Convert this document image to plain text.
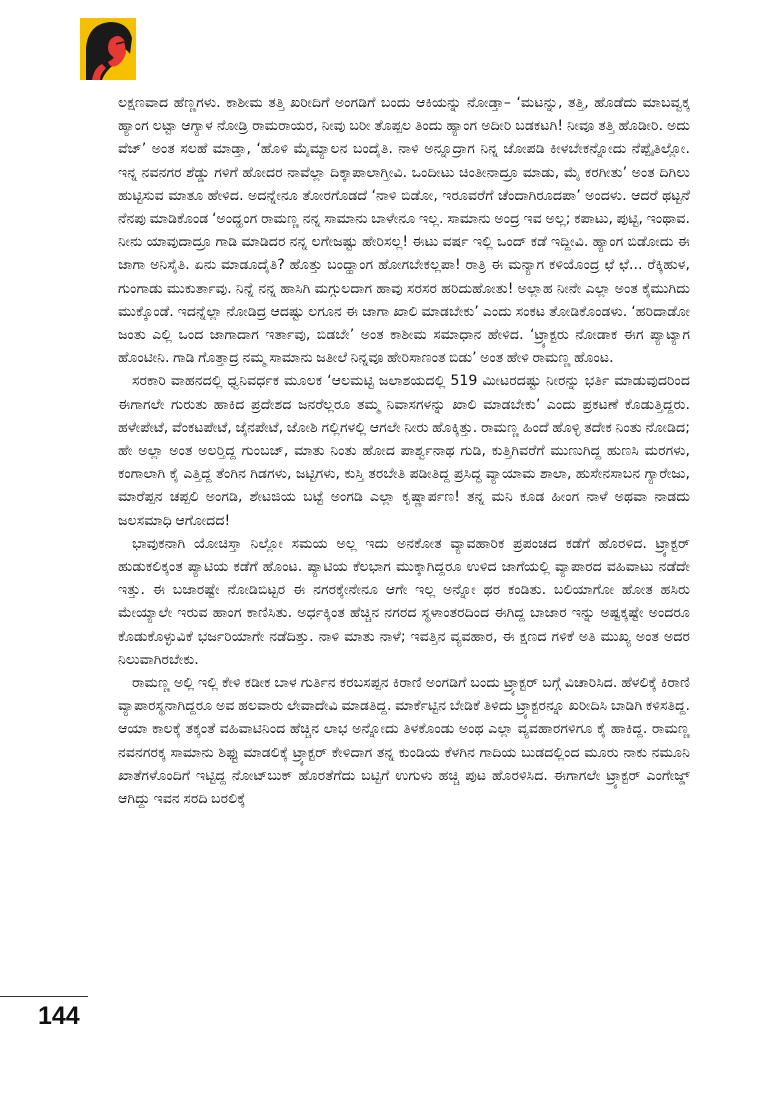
ಲಕ್ಷಣವಾದ ಹೆಣ್ಣಗಳು. ಕಾಶೀಮ ತತ್ತಿ ಖರೀದಿಗೆ ಅಂಗಡಿಗೆ ಬಂದು ಆಕಿಯನ್ನು ನೋಡ್ತಾ– ‘ಮಟನ್ನು, ತತ್ತಿ, ಹೊಡೆದು ಮಾಬವ್ವಕ್ಕ ಹ್ಯಾಂಗ ಲಟ್ಟಾ ಆಗ್ಯಾಳ ನೋಡ್ರಿ ರಾಮರಾಯರ, ನೀವು ಬರೀ ತೊಪ್ಪಲ ತಿಂದು ಹ್ಯಾಂಗ ಅದೀರಿ ಬಡಕಟಗಿ! ನೀವೂ ತತ್ತಿ ಹೊಡೀರಿ. ಅದು ವೆಜ್’ ಅಂತ ಸಲಹೆ ಮಾಡ್ತಾ, ‘ಹೊಳಿ ಮೈಮ್ಯಾಲನ ಬಂದೈತಿ. ನಾಳಿ ಅನ್ನೂದ್ರಾಗ ನಿನ್ನ ಜೋಪಡಿ ಕೀಳಬೇಕನ್ನೋದು ನೆಪ್ಪೈತಿಲ್ಲೋ. ಇನ್ನ ನವನಗರ ಶೆಡ್ಡು ಗಳಿಗೆ ಹೋದರ ನಾವೆಲ್ಲಾ ದಿಕ್ಕಾಪಾಲಾಗ್ತೀವಿ. ಒಂದೀಟು ಚಿಂತೀನಾದ್ರೂ ಮಾಡು, ಮೈ ಕರಗೀತು’ ಅಂತ ದಿಗಿಲು ಹುಟ್ಟಿಸುವ ಮಾತೂ ಹೇಳಿದ. ಅದನ್ನೇನೂ ತೋರಗೊಡದೆ ‘ನಾಳಿ ಬಿಡೋ, ಇರೂವರೆಗೆ ಚೆಂದಾಗಿರೂದಪಾ’ ಅಂದಳು. ಆದರೆ ಥಟ್ಟನೆ ನೆನಪು ಮಾಡಿಕೊಂಡ ‘ಅಂದ್ಹಂಗ ರಾಮಣ್ಣ ನನ್ನ ಸಾಮಾನು ಬಾಳೇನೂ ಇಲ್ಲ. ಸಾಮಾನು ಅಂದ್ರ ಇವ ಅಲ್ಲ; ಕಪಾಟು, ಪುಟ್ಟಿ, ಇಂಥಾವ. ನೀನು ಯಾವುದಾದ್ರೂ ಗಾಡಿ ಮಾಡಿದರ ನನ್ನ ಲಗೇಜಷ್ಟು ಹೇರಿಸಲ್ಲ! ಈಟು ವರ್ಷ ಇಲ್ಲಿ ಒಂದ್ ಕಡೆ ಇದ್ದೀವಿ. ಹ್ಯಾಂಗ ಬಿಡೋದು ಈ ಜಾಗಾ ಅನಿಸೈತಿ. ಏನು ಮಾಡೂದೈತಿ? ಹೊತ್ತು ಬಂದ್ಹಾಂಗ ಹೋಗಬೇಕಲ್ಲಪಾ! ರಾತ್ರಿ ಈ ಮನ್ಯಾಗ ಕಳಿಯೊಂದ್ರ ಛೆ ಛೆ... ರೆಕ್ಕಿಹುಳ, ಗುಂಗಾಡು ಮುಕುರ್ತಾವು. ನಿನ್ನೆ ನನ್ನ ಹಾಸಿಗಿ ಮಗ್ಗುಲದಾಗ ಹಾವು ಸರಸರ ಹರಿದುಹೋತು! ಅಲ್ಲಾಹ ನೀನೇ ಎಲ್ಲಾ ಅಂತ ಕೈಮುಗಿದು ಮುಕ್ಕೊಂಡೆ. ಇದನ್ನೆಲ್ಲಾ ನೋಡಿದ್ರ ಆದಷ್ಟು ಲಗೂನ ಈ ಜಾಗಾ ಖಾಲಿ ಮಾಡಬೇಕು’ ಎಂದು ಸಂಕಟ ತೋಡಿಕೊಂಡಳು. ‘ಹರಿದಾಡೋ ಜಂತು ಎಲ್ಲಿ ಒಂದ ಜಾಗಾದಾಗ ಇರ್ತಾವು, ಬಿಡಬೇ’ ಅಂತ ಕಾಶೀಮ ಸಮಾಧಾನ ಹೇಳಿದ. ‘ಟ್ರ್ಯಾಕ್ಟರು ನೋಡಾಕ ಈಗ ಪ್ಯಾಟ್ಯಾಗ ಹೊಂಟೀನಿ. ಗಾಡಿ ಗೊತ್ತಾದ್ರ ನಮ್ಮ ಸಾಮಾನು ಜತೀಲೆ ನಿನ್ನವೂ ಹೇರಿಸಾಣಂತ ಬಿಡು’ ಅಂತ ಹೇಳಿ ರಾಮಣ್ಣ ಹೊಂಟ.

ಸರಕಾರಿ ವಾಹನದಲ್ಲಿ ಧ್ವನಿವರ್ಧಕ ಮೂಲಕ ‘ಆಲಮಟ್ಟಿ ಜಲಾಶಯದಲ್ಲಿ 519 ಮೀಟರದಷ್ಟು ನೀರನ್ನು ಭರ್ತಿ ಮಾಡುವುದರಿಂದ ಈಗಾಗಲೇ ಗುರುತು ಹಾಕಿದ ಪ್ರದೇಶದ ಜನರೆಲ್ಲರೂ ತಮ್ಮ ನಿವಾಸಗಳನ್ನು ಖಾಲಿ ಮಾಡಬೇಕು’ ಎಂದು ಪ್ರಕಟಣೆ ಕೊಡುತ್ತಿದ್ದರು. ಹಳೇಪೇಟೆ, ವೆಂಕಟಪೇಟೆ, ಜೈನಪೇಟೆ, ಜೋಶಿ ಗಲ್ಲಿಗಳಲ್ಲಿ ಆಗಲೇ ನೀರು ಹೊಕ್ಕಿತ್ತು. ರಾಮಣ್ಣ ಹಿಂದೆ ಹೊಳ್ಳಿ ತದೇಕ ನಿಂತು ನೋಡಿದ; ಹೇ ಅಲ್ಲಾ ಅಂತ ಅಲರ್‍ತಿದ್ದ ಗುಂಬಜ್, ಮಾತು ನಿಂತು ಹೋದ ಪಾರ್ಶ್ವನಾಥ ಗುಡಿ, ಕುತ್ತಿಗಿವರೆಗೆ ಮುಣುಗಿದ್ದ ಹುಣಸಿ ಮರಗಳು, ಕಂಗಾಲಾಗಿ ಕೈ ಎತ್ತಿದ್ದ ತೆಂಗಿನ ಗಿಡಗಳು, ಜಟ್ಟಿಗಳು, ಕುಸ್ತಿ ತರಬೇತಿ ಪಡೀತಿದ್ದ ಪ್ರಸಿದ್ಧ ವ್ಯಾಯಾಮ ಶಾಲಾ, ಹುಸೇನಸಾಬನ ಗ್ಯಾರೇಜು, ಮಾರೆಪ್ಪನ ಚಪ್ಪಲಿ ಅಂಗಡಿ, ಶೇಟಜಿಯ ಬಟ್ಟೆ ಅಂಗಡಿ ಎಲ್ಲಾ ಕೃಷ್ಣಾರ್ಪಣ! ತನ್ನ ಮನಿ ಕೂಡ ಹೀಂಗ ನಾಳೆ ಅಥವಾ ನಾಡದು ಜಲಸಮಾಧಿ ಆಗೋದದ!

ಭಾವುಕನಾಗಿ ಯೋಚಿಸ್ತಾ ನಿಲ್ಲೋ ಸಮಯ ಅಲ್ಲ ಇದು ಅನಕೋತ ವ್ಯಾವಹಾರಿಕ ಪ್ರಪಂಚದ ಕಡೆಗೆ ಹೊರಳಿದ. ಟ್ರ್ಯಾಕ್ಟರ್ ಹುಡುಕಲಿಕ್ಕಂತ ಪ್ಯಾಟಿಯ ಕಡೆಗೆ ಹೊಂಟ. ಪ್ಯಾಟಿಯ ಕೆಲಭಾಗ ಮುಕ್ಕಾಗಿದ್ದರೂ ಉಳಿದ ಜಾಗೆಯಲ್ಲಿ ವ್ಯಾಪಾರದ ವಹಿವಾಟು ನಡೆದೇ ಇತ್ತು. ಈ ಬಜಾರಷ್ಟೇ ನೋಡಿಬಿಟ್ಟರ ಈ ನಗರಕ್ಕೇನೇನೂ ಆಗೇ ಇಲ್ಲ ಅನ್ನೋ ಥರ ಕಂಡಿತು. ಬಲಿಯಾಗೋ ಹೋತ ಹಸಿರು ಮೇಯ್ಯಾಲೇ ಇರುವ ಹಾಂಗ ಕಾಣಿಸಿತು. ಅರ್ಧಕ್ಕಿಂತ ಹೆಚ್ಚಿನ ನಗರದ ಸ್ಥಳಾಂತರದಿಂದ ಈಗಿದ್ದ ಬಾಜಾರ ಇನ್ನು ಅಷ್ಟಕ್ಕಷ್ಟೇ ಅಂದರೂ ಕೊಡುಕೊಳ್ಳುವಿಕೆ ಭರ್ಜರಿಯಾಗೇ ನಡೆದಿತ್ತು. ನಾಳಿ ಮಾತು ನಾಳೆ; ಇವತ್ತಿನ ವ್ಯವಹಾರ, ಈ ಕ್ಷಣದ ಗಳಿಕೆ ಅತಿ ಮುಖ್ಯ ಅಂತ ಅದರ ನಿಲುವಾಗಿರಬೇಕು.

ರಾಮಣ್ಣ ಅಲ್ಲಿ ಇಲ್ಲಿ ಕೇಳಿ ಕಡೀಕ ಬಾಳ ಗುರ್ತಿನ ಕರಬಸಪ್ಪನ ಕಿರಾಣಿ ಅಂಗಡಿಗೆ ಬಂದು ಟ್ರ್ಯಾಕ್ಟರ್ ಬಗ್ಗೆ ವಿಚಾರಿಸಿದ. ಹೆಳಲಿಕ್ಕೆ ಕಿರಾಣಿ ವ್ಯಾಪಾರಸ್ಥನಾಗಿದ್ದರೂ ಅವ ಹಲವಾರು ಲೇವಾದೇವಿ ಮಾಡತಿದ್ದ. ಮಾರ್ಕೆಟ್ಟಿನ ಬೇಡಿಕೆ ತಿಳಿದು ಟ್ರ್ಯಾಕ್ಟರನ್ನೂ ಖರೀದಿಸಿ ಬಾಡಿಗಿ ಕಳಿಸತಿದ್ದ. ಆಯಾ ಕಾಲಕ್ಕೆ ತಕ್ಕಂತೆ ವಹಿವಾಟಿನಿಂದ ಹೆಚ್ಚಿನ ಲಾಭ ಅನ್ನೋದು ತಿಳಕೊಂಡು ಅಂಥ ಎಲ್ಲಾ ವ್ಯವಹಾರಗಳಿಗೂ ಕೈ ಹಾಕಿದ್ದ. ರಾಮಣ್ಣ ನವನಗರಕ್ಕ ಸಾಮಾನು ಶಿಫ್ಟು ಮಾಡಲಿಕ್ಕೆ ಟ್ರ್ಯಾಕ್ಟರ್ ಕೇಳಿದಾಗ ತನ್ನ ಕುಂಡಿಯ ಕೆಳಗಿನ ಗಾದಿಯ ಬುಡದಲ್ಲಿಂದ ಮೂರು ನಾಕು ನಮೂನಿ ಖಾತೆಗಳೊಂದಿಗೆ ಇಟ್ಟಿದ್ದ ನೋಟ್‌ಬುಕ್ ಹೊರತೆಗೆದು ಬಟ್ಟಿಗೆ ಉಗುಳು ಹಚ್ಚಿ ಪುಟ ಹೊರಳಿಸಿದ. ಈಗಾಗಲೇ ಟ್ರ್ಯಾಕ್ಟರ್ ಎಂಗೇಜ್ಡ್ ಆಗಿದ್ದು ಇವನ ಸರದಿ ಬರಲಿಕ್ಕೆ

144
